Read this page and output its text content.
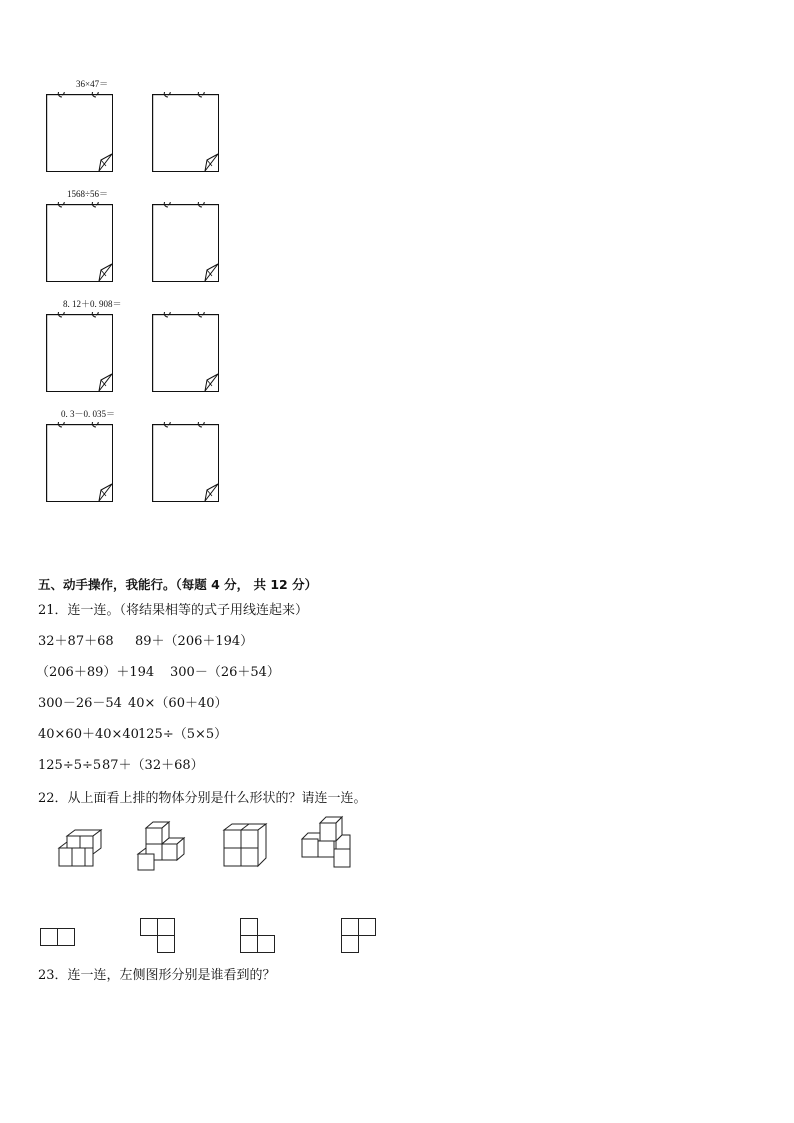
36×47＝
1568÷56＝
8. 12＋0. 908＝
0. 3－0. 035＝
五、动手操作，我能行。（每题 4 分， 共 12 分）
21．连一连。（将结果相等的式子用线连起来）
32＋87＋68 89＋（206＋194）
（206＋89）＋194 300－（26＋54）
300－26－54 40×（60＋40）
40×60＋40×40 125÷（5×5）
125÷5÷5 87＋（32＋68）
22．从上面看上排的物体分别是什么形状的？请连一连。
23．连一连，左侧图形分别是谁看到的？
